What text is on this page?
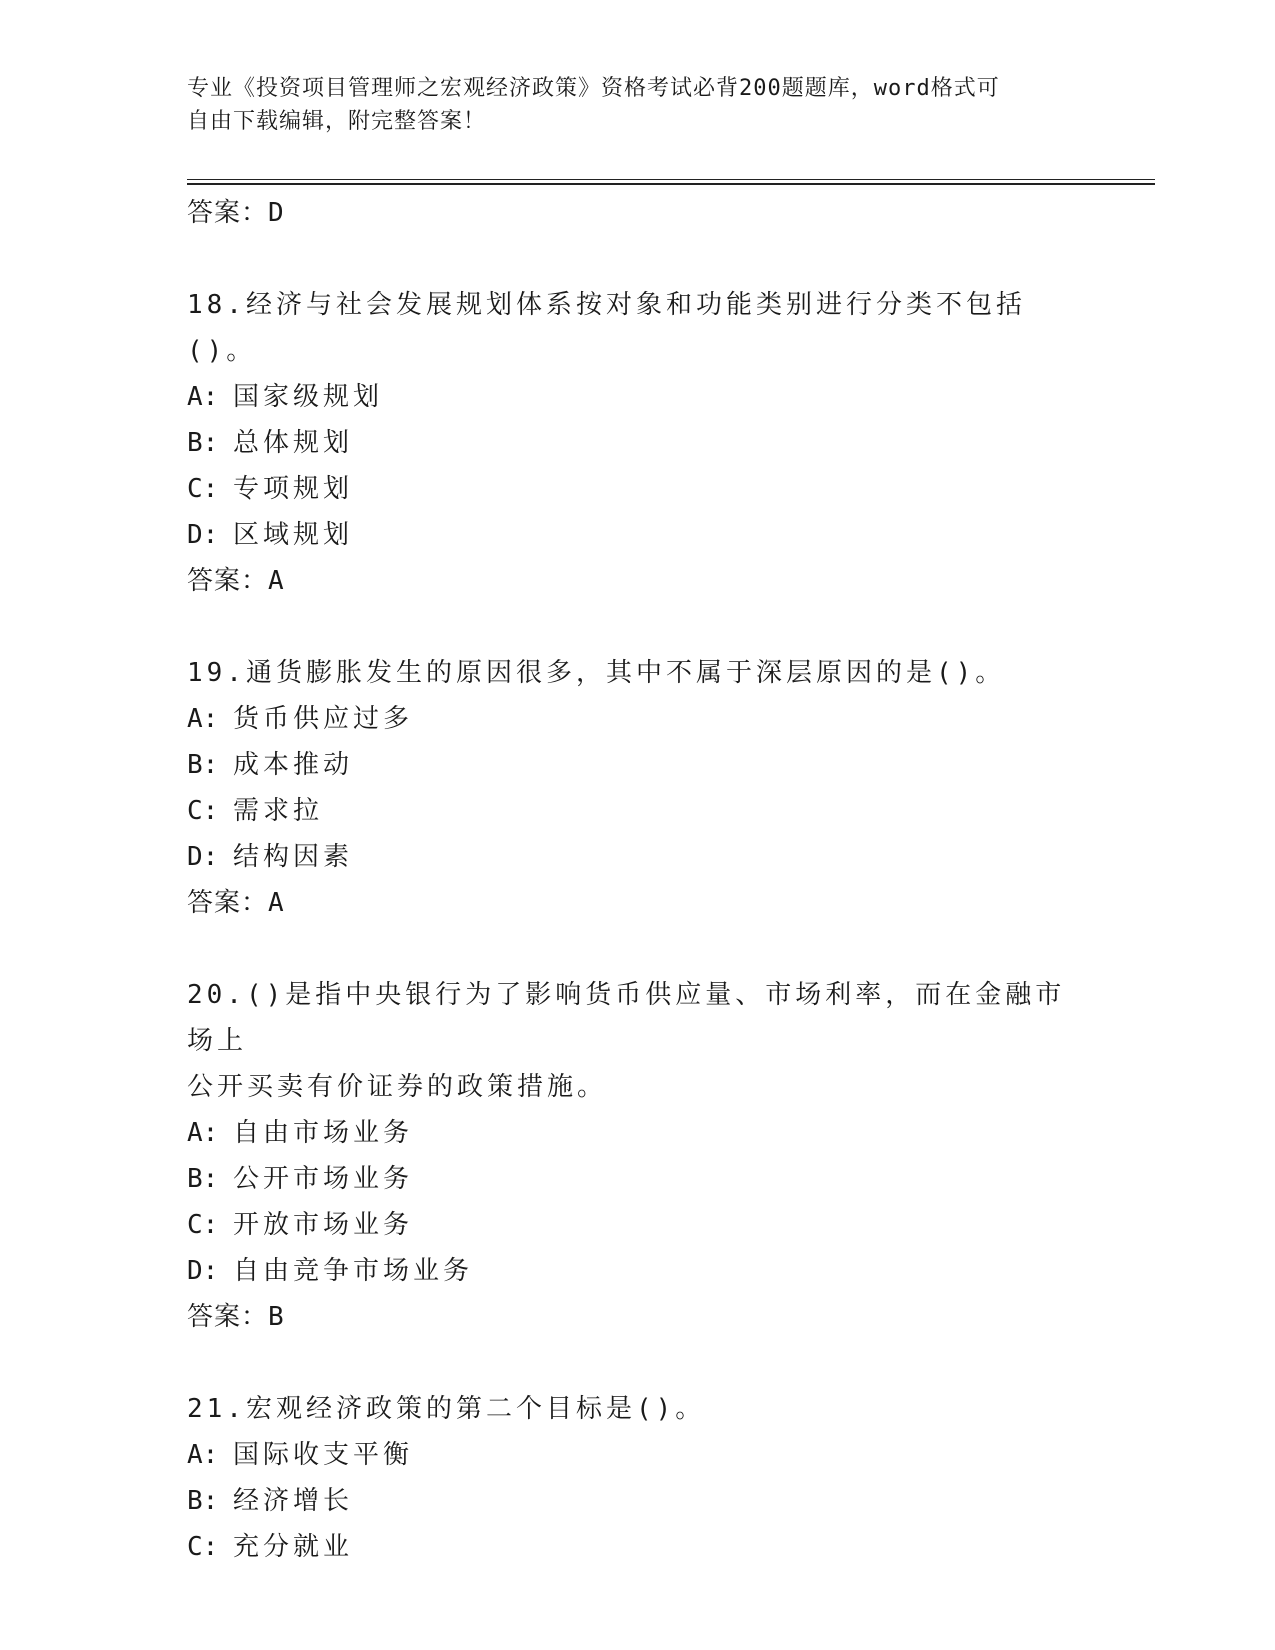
专业《投资项目管理师之宏观经济政策》资格考试必背200题题库，word格式可
自由下载编辑，附完整答案！
答案：D
18.经济与社会发展规划体系按对象和功能类别进行分类不包括()。
A: 国家级规划
B: 总体规划
C: 专项规划
D: 区域规划
答案：A
19.通货膨胀发生的原因很多，其中不属于深层原因的是()。
A: 货币供应过多
B: 成本推动
C: 需求拉
D: 结构因素
答案：A
20.()是指中央银行为了影响货币供应量、市场利率，而在金融市场上
公开买卖有价证券的政策措施。
A: 自由市场业务
B: 公开市场业务
C: 开放市场业务
D: 自由竞争市场业务
答案：B
21.宏观经济政策的第二个目标是()。
A: 国际收支平衡
B: 经济增长
C: 充分就业
